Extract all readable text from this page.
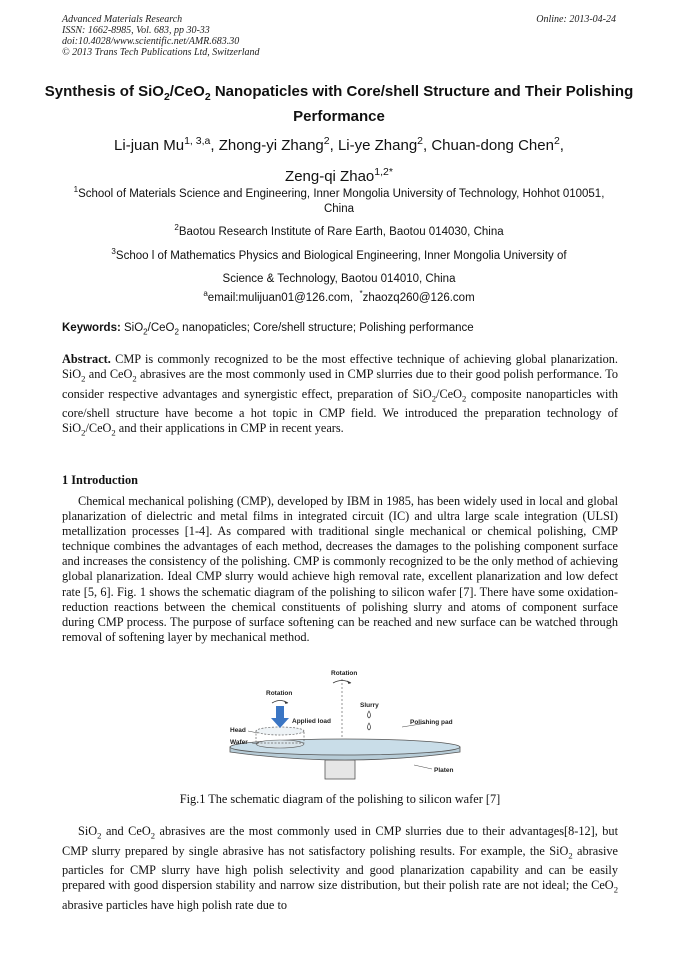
Advanced Materials Research
ISSN: 1662-8985, Vol. 683, pp 30-33
doi:10.4028/www.scientific.net/AMR.683.30
© 2013 Trans Tech Publications Ltd, Switzerland
Online: 2013-04-24
Synthesis of SiO$_2$/CeO$_2$ Nanopaticles with Core/shell Structure and Their Polishing Performance
Li-juan Mu$^{1, 3,a}$, Zhong-yi Zhang$^2$, Li-ye Zhang$^2$, Chuan-dong Chen$^2$,
Zeng-qi Zhao$^{1,2*}$
$^1$School of Materials Science and Engineering, Inner Mongolia University of Technology, Hohhot 010051, China
$^2$Baotou Research Institute of Rare Earth, Baotou 014030, China
$^3$Schoo l of Mathematics Physics and Biological Engineering, Inner Mongolia University of
Science & Technology, Baotou 014010, China
$^a$email:mulijuan01@126.com, *zhaozq260@126.com
Keywords: SiO$_2$/CeO$_2$ nanopaticles; Core/shell structure; Polishing performance
Abstract. CMP is commonly recognized to be the most effective technique of achieving global planarization. SiO$_2$ and CeO$_2$ abrasives are the most commonly used in CMP slurries due to their good polish performance. To consider respective advantages and synergistic effect, preparation of SiO$_2$/CeO$_2$ composite nanoparticles with core/shell structure have become a hot topic in CMP field. We introduced the preparation technology of SiO$_2$/CeO$_2$ and their applications in CMP in recent years.
1 Introduction

Chemical mechanical polishing (CMP), developed by IBM in 1985, has been widely used in local and global planarization of dielectric and metal films in integrated circuit (IC) and ultra large scale integration (ULSI) metallization processes [1-4]. As compared with traditional single mechanical or chemical polishing, CMP technique combines the advantages of each method, decreases the damages to the polishing component surface and increases the consistency of the polishing. CMP is commonly recognized to be the only method of achieving global planarization. Ideal CMP slurry would achieve high removal rate, excellent planarization and low defect rate [5, 6]. Fig. 1 shows the schematic diagram of the polishing to silicon wafer [7]. There have some oxidation-reduction reactions between the chemical constituents of polishing slurry and atoms of component surface during CMP process. The purpose of surface softening can be reached and new surface can be watched through removal of softening layer by mechanical method.

Rotation
Rotation
Slurry
Head
Applied load
Wafer
Polishing pad
Platen
Fig.1 The schematic diagram of the polishing to silicon wafer [7]

SiO$_2$ and CeO$_2$ abrasives are the most commonly used in CMP slurries due to their advantages[8-12], but CMP slurry prepared by single abrasive has not satisfactory polishing results. For example, the SiO$_2$ abrasive particles for CMP slurry have high polish selectivity and good planarization capability and can be easily prepared with good dispersion stability and narrow size distribution, but their polish rate are not ideal; the CeO$_2$ abrasive particles have high polish rate due to
